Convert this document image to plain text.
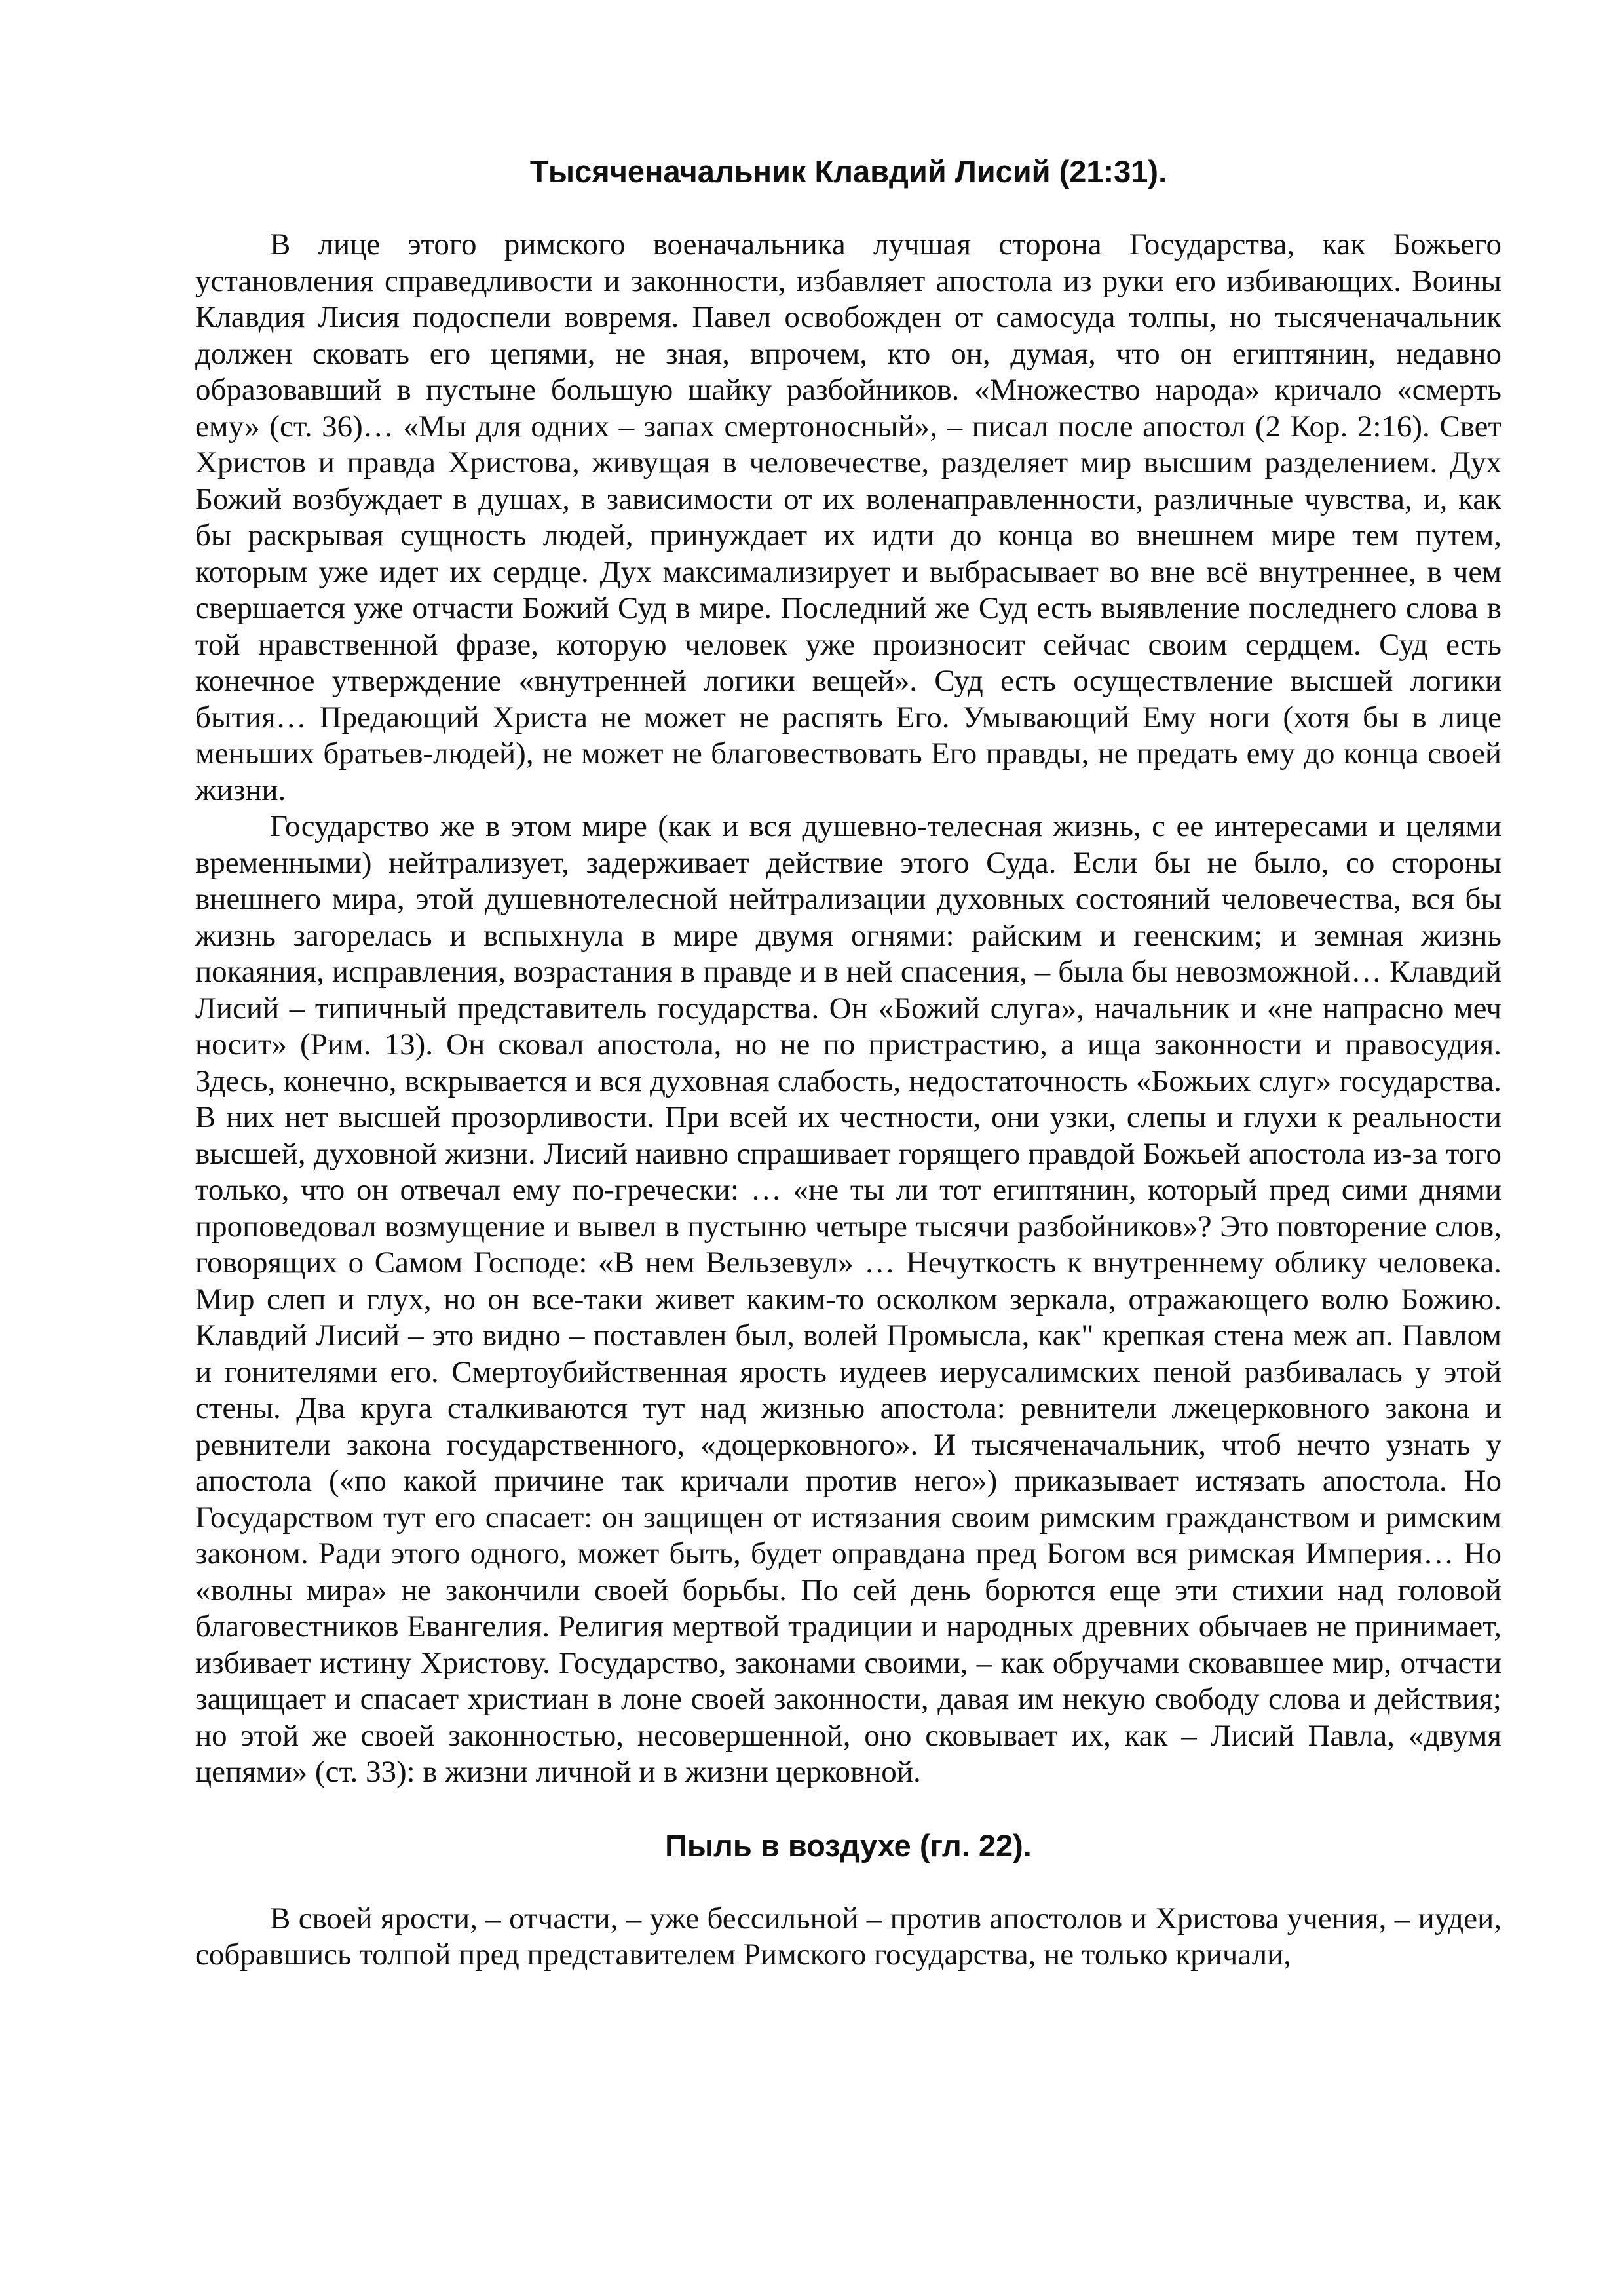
Тысяченачальник Клавдий Лисий (21:31).

В лице этого римского военачальника лучшая сторона Государства, как Божьего установления справедливости и законности, избавляет апостола из руки его избивающих. Воины Клавдия Лисия подоспели вовремя. Павел освобожден от самосуда толпы, но тысяченачальник должен сковать его цепями, не зная, впрочем, кто он, думая, что он египтянин, недавно образовавший в пустыне большую шайку разбойников. «Множество народа» кричало «смерть ему» (ст. 36)… «Мы для одних – запах смертоносный», – писал после апостол (2 Кор. 2:16). Свет Христов и правда Христова, живущая в человечестве, разделяет мир высшим разделением. Дух Божий возбуждает в душах, в зависимости от их воленаправленности, различные чувства, и, как бы раскрывая сущность людей, принуждает их идти до конца во внешнем мире тем путем, которым уже идет их сердце. Дух максимализирует и выбрасывает во вне всё внутреннее, в чем свершается уже отчасти Божий Суд в мире. Последний же Суд есть выявление последнего слова в той нравственной фразе, которую человек уже произносит сейчас своим сердцем. Суд есть конечное утверждение «внутренней логики вещей». Суд есть осуществление высшей логики бытия… Предающий Христа не может не распять Его. Умывающий Ему ноги (хотя бы в лице меньших братьев-людей), не может не благовествовать Его правды, не предать ему до конца своей жизни.

Государство же в этом мире (как и вся душевно-телесная жизнь, с ее интересами и целями временными) нейтрализует, задерживает действие этого Суда. Если бы не было, со стороны внешнего мира, этой душевнотелесной нейтрализации духовных состояний человечества, вся бы жизнь загорелась и вспыхнула в мире двумя огнями: райским и геенским; и земная жизнь покаяния, исправления, возрастания в правде и в ней спасения, – была бы невозможной… Клавдий Лисий – типичный представитель государства. Он «Божий слуга», начальник и «не напрасно меч носит» (Рим. 13). Он сковал апостола, но не по пристрастию, а ища законности и правосудия. Здесь, конечно, вскрывается и вся духовная слабость, недостаточность «Божьих слуг» государства. В них нет высшей прозорливости. При всей их честности, они узки, слепы и глухи к реальности высшей, духовной жизни. Лисий наивно спрашивает горящего правдой Божьей апостола из-за того только, что он отвечал ему по-гречески: … «не ты ли тот египтянин, который пред сими днями проповедовал возмущение и вывел в пустыню четыре тысячи разбойников»? Это повторение слов, говорящих о Самом Господе: «В нем Вельзевул» … Нечуткость к внутреннему облику человека. Мир слеп и глух, но он все-таки живет каким-то осколком зеркала, отражающего волю Божию. Клавдий Лисий – это видно – поставлен был, волей Промысла, как" крепкая стена меж ап. Павлом и гонителями его. Смертоубийственная ярость иудеев иерусалимских пеной разбивалась у этой стены. Два круга сталкиваются тут над жизнью апостола: ревнители лжецерковного закона и ревнители закона государственного, «доцерковного». И тысяченачальник, чтоб нечто узнать у апостола («по какой причине так кричали против него») приказывает истязать апостола. Но Государством тут его спасает: он защищен от истязания своим римским гражданством и римским законом. Ради этого одного, может быть, будет оправдана пред Богом вся римская Империя… Но «волны мира» не закончили своей борьбы. По сей день борются еще эти стихии над головой благовестников Евангелия. Религия мертвой традиции и народных древних обычаев не принимает, избивает истину Христову. Государство, законами своими, – как обручами сковавшее мир, отчасти защищает и спасает христиан в лоне своей законности, давая им некую свободу слова и действия; но этой же своей законностью, несовершенной, оно сковывает их, как – Лисий Павла, «двумя цепями» (ст. 33): в жизни личной и в жизни церковной.

Пыль в воздухе (гл. 22).

В своей ярости, – отчасти, – уже бессильной – против апостолов и Христова учения, – иудеи, собравшись толпой пред представителем Римского государства, не только кричали,
